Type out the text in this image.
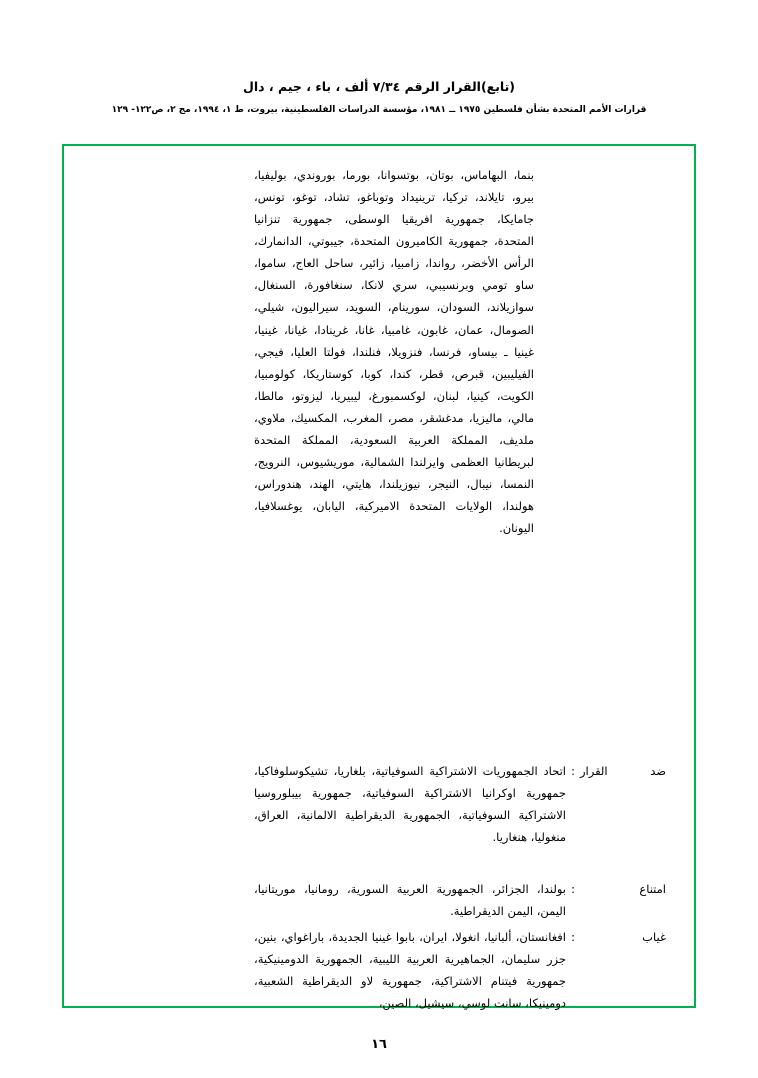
(تابع)القرار الرقم ٧/٣٤ ألف ، باء ، جيم ، دال
قرارات الأمم المتحدة بشأن فلسطين ١٩٧٥ ــ ١٩٨١، مؤسسة الدراسات الفلسطينية، بيروت، ط ١، ١٩٩٤، مج ٢، ص١٢٢- ١٢٩
بنما، البهاماس، بوتان، بوتسوانا، بورما، بوروندي، بوليفيا، بيرو، تايلاند، تركيا، ترينيداد وتوباغو، تشاد، توغو، تونس، جامايكا، جمهورية افريقيا الوسطى، جمهورية تنزانيا المتحدة، جمهورية الكاميرون المتحدة، جيبوتي، الدانمارك، الرأس الأخضر، رواندا، زامبيا، زائير، ساحل العاج، ساموا، ساو تومي وبرنسيبي، سري لانكا، سنغافورة، السنغال، سوازيلاند، السودان، سورينام، السويد، سيراليون، شيلي، الصومال، عمان، غابون، غامبيا، غانا، غرينادا، غيانا، غينيا، غينيا ـ بيساو، فرنسا، فنزويلا، فنلندا، فولتا العليا، فيجي، الفيليبين، قبرص، قطر، كندا، كوبا، كوستاريكا، كولومبيا، الكويت، كينيا، لبنان، لوكسمبورغ، ليبيريا، ليزوتو، مالطا، مالي، ماليزيا، مدغشقر، مصر، المغرب، المكسيك، ملاوي، ملديف، المملكة العربية السعودية، المملكة المتحدة لبريطانيا العظمى وايرلندا الشمالية، موريشيوس، النرويج، النمسا، نيبال، النيجر، نيوزيلندا، هايتي، الهند، هندوراس، هولندا، الولايات المتحدة الاميركية، اليابان، يوغسلافيا، اليونان.
ضد القرار
:
اتحاد الجمهوريات الاشتراكية السوفياتية، بلغاريا، تشيكوسلوفاكيا، جمهورية اوكرانيا الاشتراكية السوفياتية، جمهورية بيبلوروسيا الاشتراكية السوفياتية، الجمهورية الديقراطية الالمانية، العراق، منغوليا، هنغاريا.
امتناع
:
بولندا، الجزائر، الجمهورية العربية السورية، رومانيا، موريتانيا، اليمن، اليمن الديقراطية.
غياب
:
افغانستان، ألبانيا، انغولا، ايران، بابوا غينيا الجديدة، باراغواي، بنين، جزر سليمان، الجماهيرية العربية الليبية، الجمهورية الدومينيكية، جمهورية فيتنام الاشتراكية، جمهورية لاو الديقراطية الشعبية، دومينيكا، سانت لوسي، سيشيل، الصين،
١٦
